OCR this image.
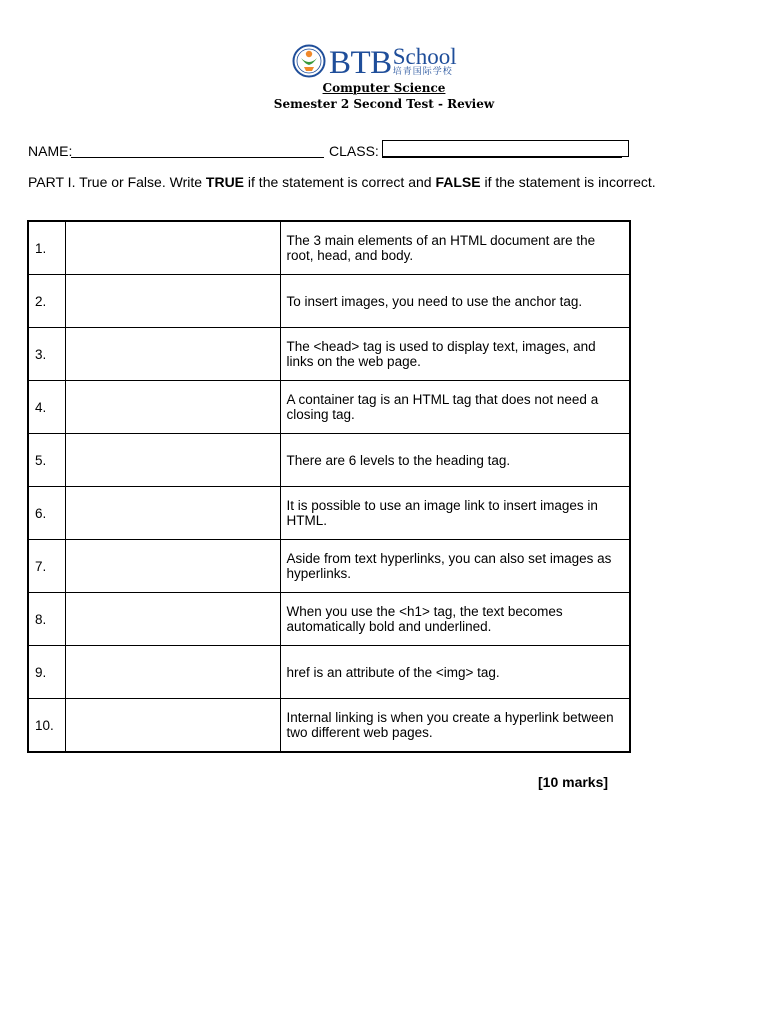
BTB School
培青国际学校
Computer Science
Semester 2 Second Test - Review
NAME:	CLASS:
PART I. True or False. Write TRUE if the statement is correct and FALSE if the statement is incorrect.
1.		The 3 main elements of an HTML document are the root, head, and body.
2.		To insert images, you need to use the anchor tag.
3.		The <head> tag is used to display text, images, and links on the web page.
4.		A container tag is an HTML tag that does not need a closing tag.
5.		There are 6 levels to the heading tag.
6.		It is possible to use an image link to insert images in HTML.
7.		Aside from text hyperlinks, you can also set images as hyperlinks.
8.		When you use the <h1> tag, the text becomes automatically bold and underlined.
9.		href is an attribute of the <img> tag.
10.		Internal linking is when you create a hyperlink between two different web pages.
[10 marks]
